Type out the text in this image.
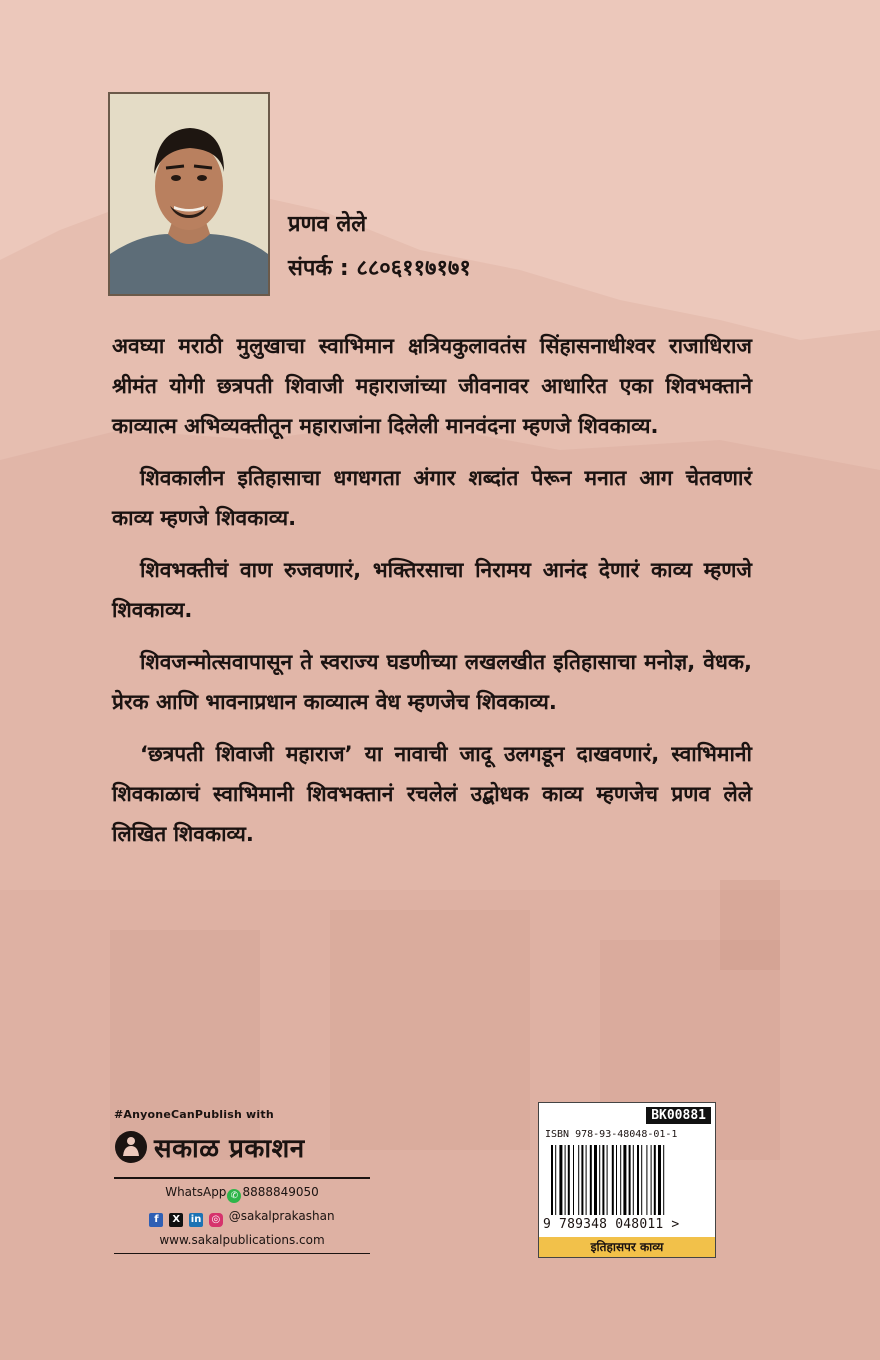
प्रणव लेले
संपर्क : ८८०६११७१७१

अवघ्या मराठी मुलुखाचा स्वाभिमान क्षत्रियकुलावतंस सिंहासनाधीश्वर राजाधिराज श्रीमंत योगी छत्रपती शिवाजी महाराजांच्या जीवनावर आधारित एका शिवभक्ताने काव्यात्म अभिव्यक्तीतून महाराजांना दिलेली मानवंदना म्हणजे शिवकाव्य.

शिवकालीन इतिहासाचा धगधगता अंगार शब्दांत पेरून मनात आग चेतवणारं काव्य म्हणजे शिवकाव्य.

शिवभक्तीचं वाण रुजवणारं, भक्तिरसाचा निरामय आनंद देणारं काव्य म्हणजे शिवकाव्य.

शिवजन्मोत्सवापासून ते स्वराज्य घडणीच्या लखलखीत इतिहासाचा मनोज्ञ, वेधक, प्रेरक आणि भावनाप्रधान काव्यात्म वेध म्हणजेच शिवकाव्य.

‘छत्रपती शिवाजी महाराज’ या नावाची जादू उलगडून दाखवणारं, स्वाभिमानी शिवकाळाचं स्वाभिमानी शिवभक्तानं रचलेलं उद्बोधक काव्य म्हणजेच प्रणव लेले लिखित शिवकाव्य.

#AnyoneCanPublish with
सकाळ प्रकाशन
WhatsApp ✆ 8888849050
f X in ◎ @sakalprakashan
www.sakalpublications.com
BK00881
ISBN 978-93-48048-01-1
9 789348 048011 >
इतिहासपर काव्य
